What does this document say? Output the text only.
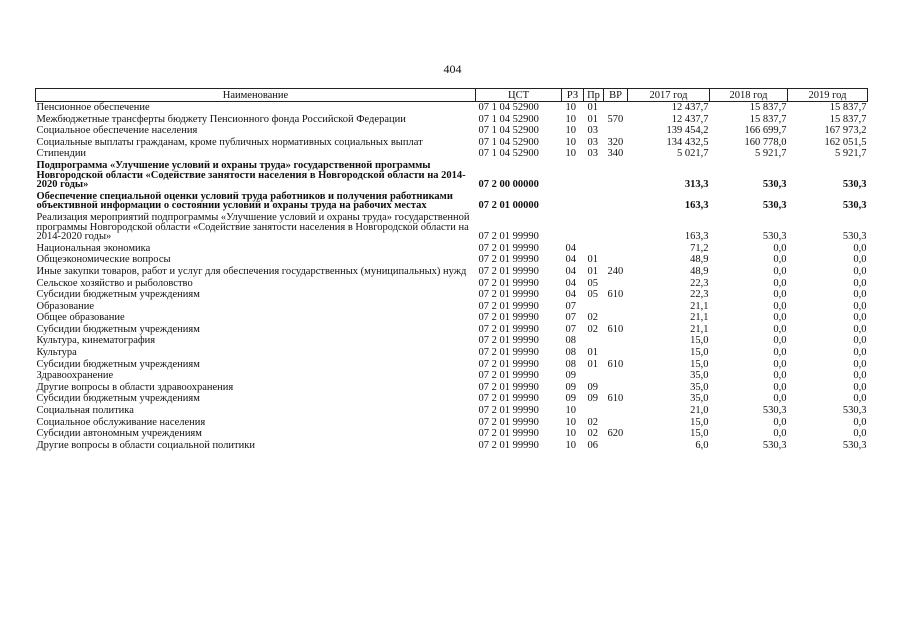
404
Наименование	ЦСТ	РЗ	Пр	ВР	2017 год	2018 год	2019 год
Пенсионное обеспечение	07 1 04 52900	10	01		12 437,7	15 837,7	15 837,7
Межбюджетные трансферты бюджету Пенсионного фонда Российской Федерации	07 1 04 52900	10	01	570	12 437,7	15 837,7	15 837,7
Социальное обеспечение населения	07 1 04 52900	10	03		139 454,2	166 699,7	167 973,2
Социальные выплаты гражданам, кроме публичных нормативных социальных выплат	07 1 04 52900	10	03	320	134 432,5	160 778,0	162 051,5
Стипендии	07 1 04 52900	10	03	340	5 021,7	5 921,7	5 921,7
Подпрограмма «Улучшение условий и охраны труда» государственной программы Новгородской области «Содействие занятости населения в Новгородской области на 2014-2020 годы»	07 2 00 00000				313,3	530,3	530,3
Обеспечение специальной оценки условий труда работников и получения работниками объективной информации о состоянии условий и охраны труда на рабочих местах	07 2 01 00000				163,3	530,3	530,3
Реализация мероприятий подпрограммы «Улучшение условий и охраны труда» государственной программы Новгородской области «Содействие занятости населения в Новгородской области на 2014-2020 годы»	07 2 01 99990				163,3	530,3	530,3
Национальная экономика	07 2 01 99990	04			71,2	0,0	0,0
Общеэкономические вопросы	07 2 01 99990	04	01		48,9	0,0	0,0
Иные закупки товаров, работ и услуг для обеспечения государственных (муниципальных) нужд	07 2 01 99990	04	01	240	48,9	0,0	0,0
Сельское хозяйство и рыболовство	07 2 01 99990	04	05		22,3	0,0	0,0
Субсидии бюджетным учреждениям	07 2 01 99990	04	05	610	22,3	0,0	0,0
Образование	07 2 01 99990	07			21,1	0,0	0,0
Общее образование	07 2 01 99990	07	02		21,1	0,0	0,0
Субсидии бюджетным учреждениям	07 2 01 99990	07	02	610	21,1	0,0	0,0
Культура, кинематография	07 2 01 99990	08			15,0	0,0	0,0
Культура	07 2 01 99990	08	01		15,0	0,0	0,0
Субсидии бюджетным учреждениям	07 2 01 99990	08	01	610	15,0	0,0	0,0
Здравоохранение	07 2 01 99990	09			35,0	0,0	0,0
Другие вопросы в области здравоохранения	07 2 01 99990	09	09		35,0	0,0	0,0
Субсидии бюджетным учреждениям	07 2 01 99990	09	09	610	35,0	0,0	0,0
Социальная политика	07 2 01 99990	10			21,0	530,3	530,3
Социальное обслуживание населения	07 2 01 99990	10	02		15,0	0,0	0,0
Субсидии автономным учреждениям	07 2 01 99990	10	02	620	15,0	0,0	0,0
Другие вопросы в области социальной политики	07 2 01 99990	10	06		6,0	530,3	530,3
